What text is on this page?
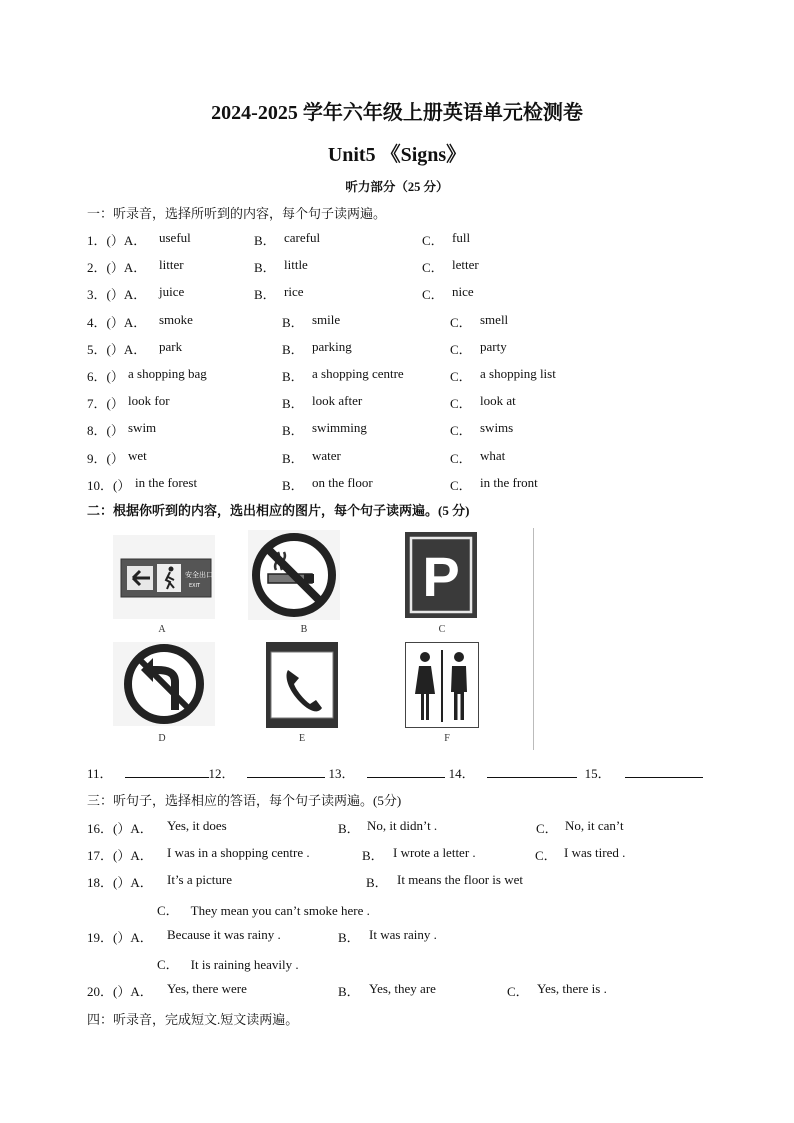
2024-2025 学年六年级上册英语单元检测卷
Unit5 《Signs》
听力部分（25 分）
一：听录音，选择所听到的内容，每个句子读两遍。
1．(）A． useful	B． careful	C． full
2．(）A． litter	B． little	C． letter
3．(）A． juice	B． rice	C． nice
4．(）A． smoke	B． smile	C． smell
5．(）A． park	B． parking	C． party
6．(） a shopping bag	B． a shopping centre	C． a shopping list
7．(） look for	B． look after	C． look at
8．(） swim	B． swimming	C． swims
9．(） wet	B． water	C． what
10．(） in the forest	B． on the floor	C． in the front
二：根据你听到的内容，选出相应的图片，每个句子读两遍。(5 分)
安全出口
EXIT
A	B
P
C
D	E	F
11．	12．	13．	14．	15．
三：听句子，选择相应的答语，每个句子读两遍。(5分)
16．(）A． Yes, it does	B． No, it didn’t .	C． No, it can’t
17．(）A． I was in a shopping centre .	B． I wrote a letter .	C． I was tired .
18．(）A． It’s a picture	B． It means the floor is wet
C． They mean you can’t smoke here .
19．(）A． Because it was rainy .	B． It was rainy .
C． It is raining heavily .
20．(）A． Yes, there were	B． Yes, they are	C． Yes, there is .
四：听录音，完成短文.短文读两遍。
